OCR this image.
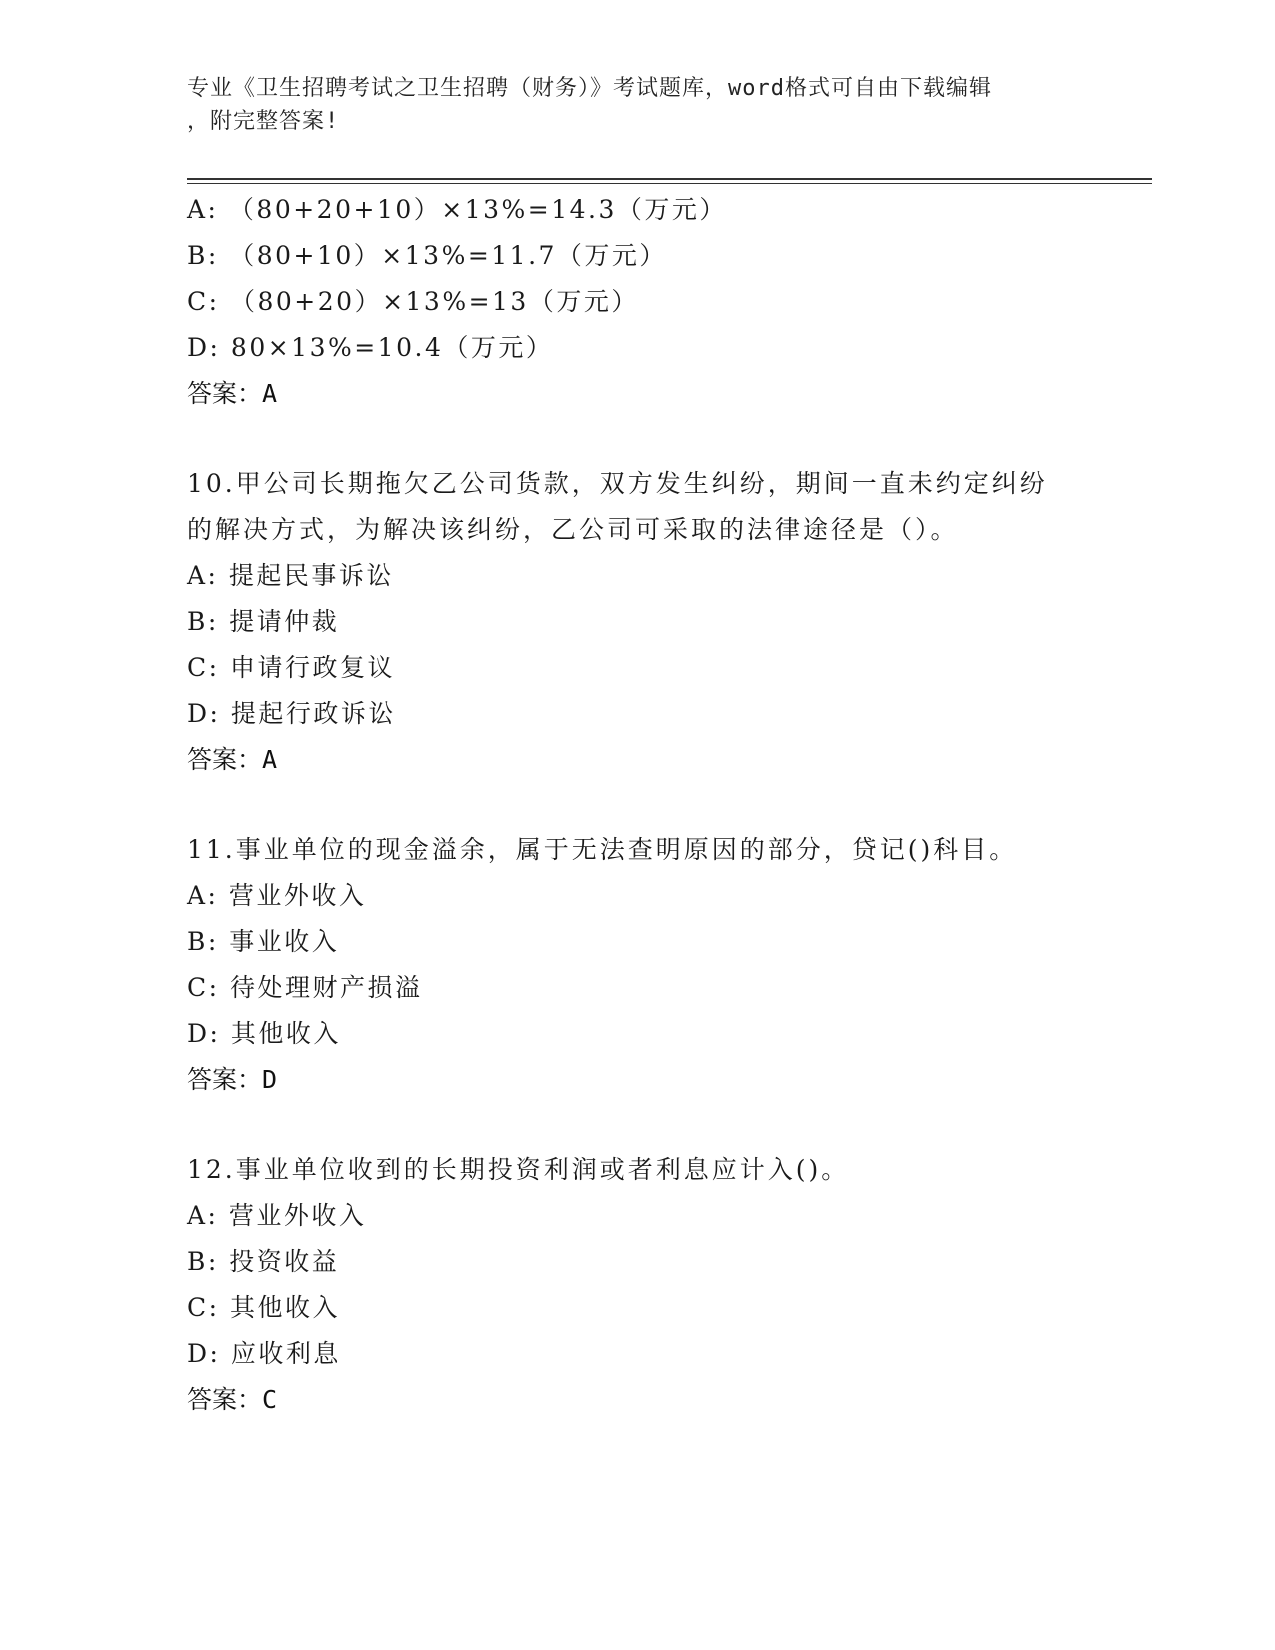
专业《卫生招聘考试之卫生招聘（财务）》考试题库，word格式可自由下载编辑
，附完整答案!

A: （80+20+10）×13%=14.3（万元）

B: （80+10）×13%=11.7（万元）

C: （80+20）×13%=13（万元）

D: 80×13%=10.4（万元）

答案：A

10.甲公司长期拖欠乙公司货款，双方发生纠纷，期间一直未约定纠纷

的解决方式，为解决该纠纷，乙公司可采取的法律途径是（）。

A: 提起民事诉讼

B: 提请仲裁

C: 申请行政复议

D: 提起行政诉讼

答案：A

11.事业单位的现金溢余，属于无法查明原因的部分，贷记()科目。

A: 营业外收入

B: 事业收入

C: 待处理财产损溢

D: 其他收入

答案：D

12.事业单位收到的长期投资利润或者利息应计入()。

A: 营业外收入

B: 投资收益

C: 其他收入

D: 应收利息

答案：C
